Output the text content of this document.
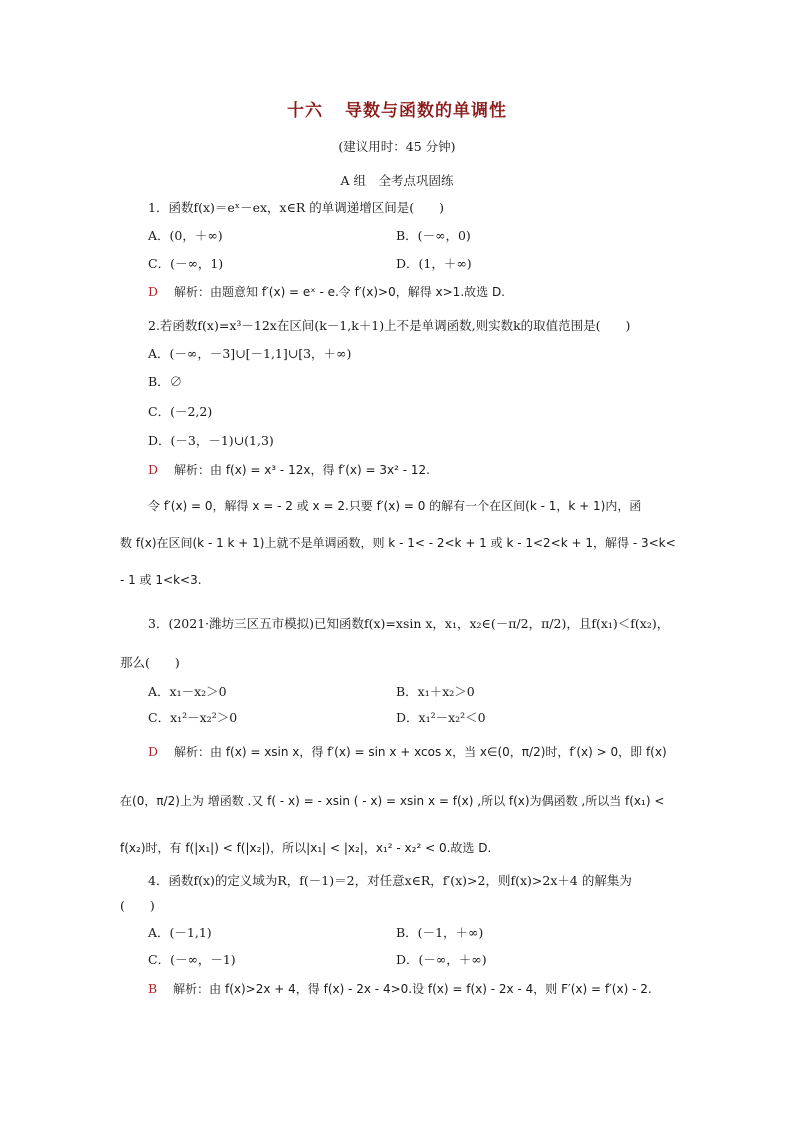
十六 导数与函数的单调性
(建议用时：45 分钟)
A 组　全考点巩固练
1．函数f(x)＝eˣ－ex，x∈R 的单调递增区间是(　　)
A．(0，＋∞)	B．(－∞，0)
C．(－∞，1)	D．(1，＋∞)
D 解析：由题意知 f′(x) = eˣ - e.令 f′(x)>0，解得 x>1.故选 D.
2.若函数f(x)=x³－12x在区间(k－1,k＋1)上不是单调函数,则实数k的取值范围是(　　)
A．(－∞，－3]∪[－1,1]∪[3，＋∞)
B．∅
C．(－2,2)
D．(－3，－1)∪(1,3)
D 解析：由 f(x) = x³ - 12x，得 f′(x) = 3x² - 12.
令 f′(x) = 0，解得 x = - 2 或 x = 2.只要 f′(x) = 0 的解有一个在区间(k - 1，k + 1)内，函
数 f(x)在区间(k - 1 k + 1)上就不是单调函数，则 k - 1< - 2<k + 1 或 k - 1<2<k + 1，解得 - 3<k<
- 1 或 1<k<3.
3．(2021·潍坊三区五市模拟)已知函数f(x)=xsin x，x₁，x₂∈(－π/2，π/2)，且f(x₁)＜f(x₂)，
那么(　　)
A．x₁－x₂＞0	B．x₁＋x₂＞0
C．x₁²－x₂²＞0	D．x₁²－x₂²＜0
D 解析：由 f(x) = xsin x，得 f′(x) = sin x + xcos x，当 x∈(0，π/2)时，f′(x) > 0，即 f(x)
在(0，π/2)上为 增函数 .又 f( - x) = - xsin ( - x) = xsin x = f(x) ,所以 f(x)为偶函数 ,所以当 f(x₁) <
f(x₂)时，有 f(|x₁|) < f(|x₂|)，所以|x₁| < |x₂|，x₁² - x₂² < 0.故选 D.
4．函数f(x)的定义域为R，f(－1)＝2，对任意x∈R，f′(x)>2，则f(x)>2x＋4 的解集为
(　　)
A．(－1,1)	B．(－1，＋∞)
C．(－∞，－1)	D．(－∞，＋∞)
B 解析：由 f(x)>2x + 4，得 f(x) - 2x - 4>0.设 f(x) = f(x) - 2x - 4，则 F′(x) = f′(x) - 2.
